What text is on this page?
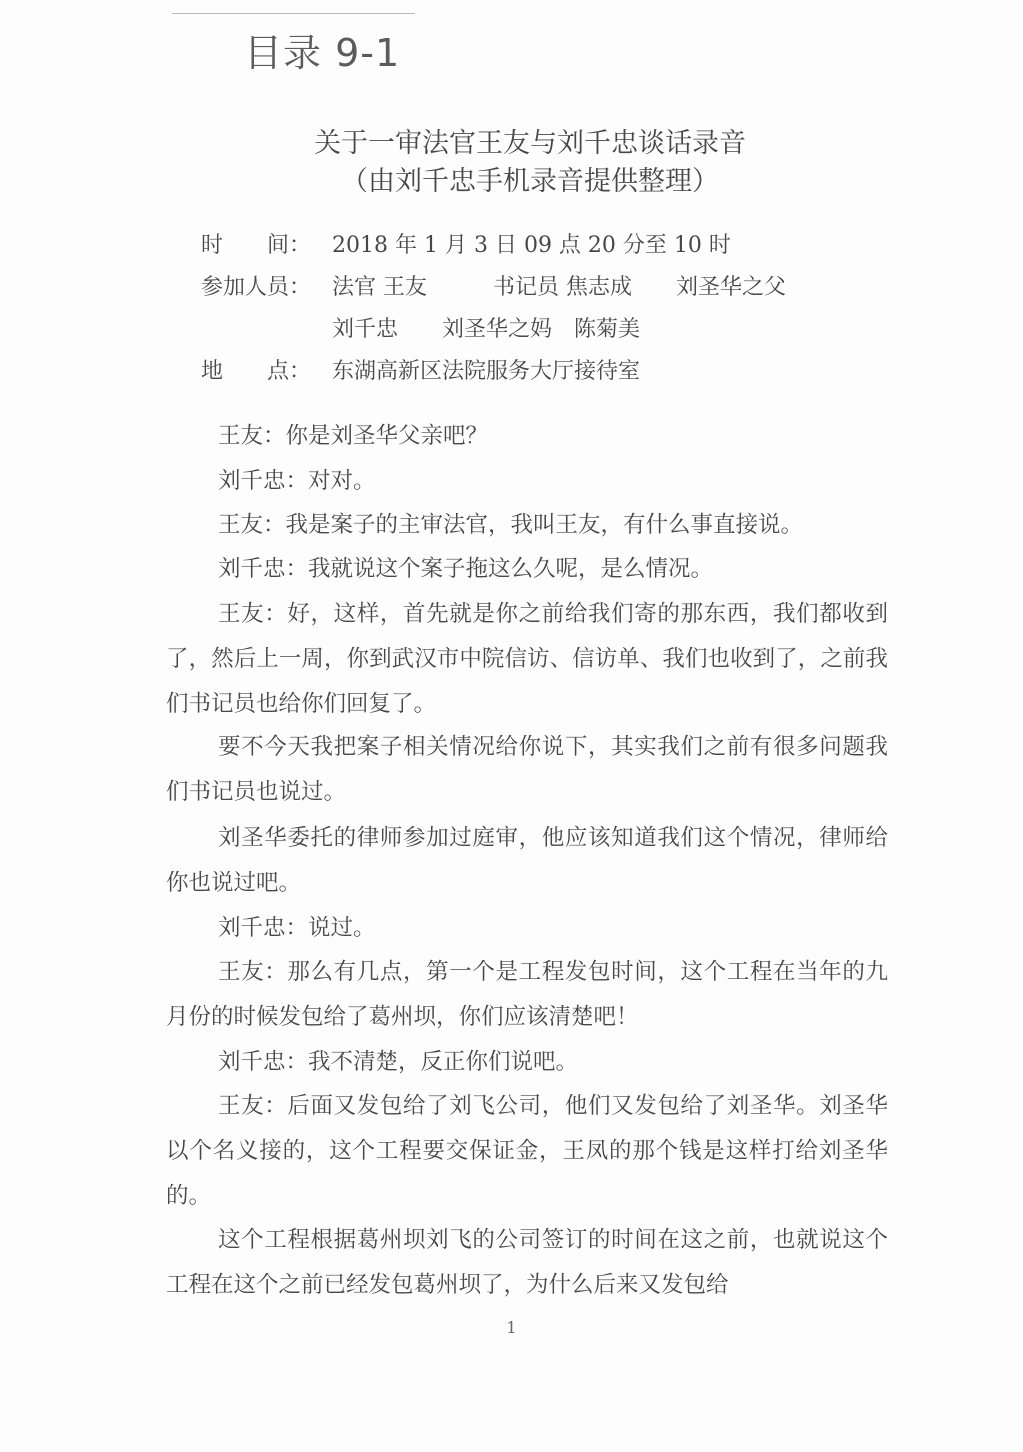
目录 9-1
关于一审法官王友与刘千忠谈话录音
（由刘千忠手机录音提供整理）
时　　间： 2018 年 1 月 3 日 09 点 20 分至 10 时
参加人员： 法官 王友　　　书记员 焦志成　　刘圣华之父
刘千忠　　刘圣华之妈　陈菊美
地　　点： 东湖高新区法院服务大厅接待室

王友：你是刘圣华父亲吧？

刘千忠：对对。

王友：我是案子的主审法官，我叫王友，有什么事直接说。

刘千忠：我就说这个案子拖这么久呢，是么情况。

王友：好，这样，首先就是你之前给我们寄的那东西，我们都收到了，然后上一周，你到武汉市中院信访、信访单、我们也收到了，之前我们书记员也给你们回复了。

要不今天我把案子相关情况给你说下，其实我们之前有很多问题我们书记员也说过。

刘圣华委托的律师参加过庭审，他应该知道我们这个情况，律师给你也说过吧。

刘千忠：说过。

王友：那么有几点，第一个是工程发包时间，这个工程在当年的九月份的时候发包给了葛州坝，你们应该清楚吧！

刘千忠：我不清楚，反正你们说吧。

王友：后面又发包给了刘飞公司，他们又发包给了刘圣华。刘圣华以个名义接的，这个工程要交保证金，王凤的那个钱是这样打给刘圣华的。

这个工程根据葛州坝刘飞的公司签订的时间在这之前，也就说这个工程在这个之前已经发包葛州坝了，为什么后来又发包给

1
